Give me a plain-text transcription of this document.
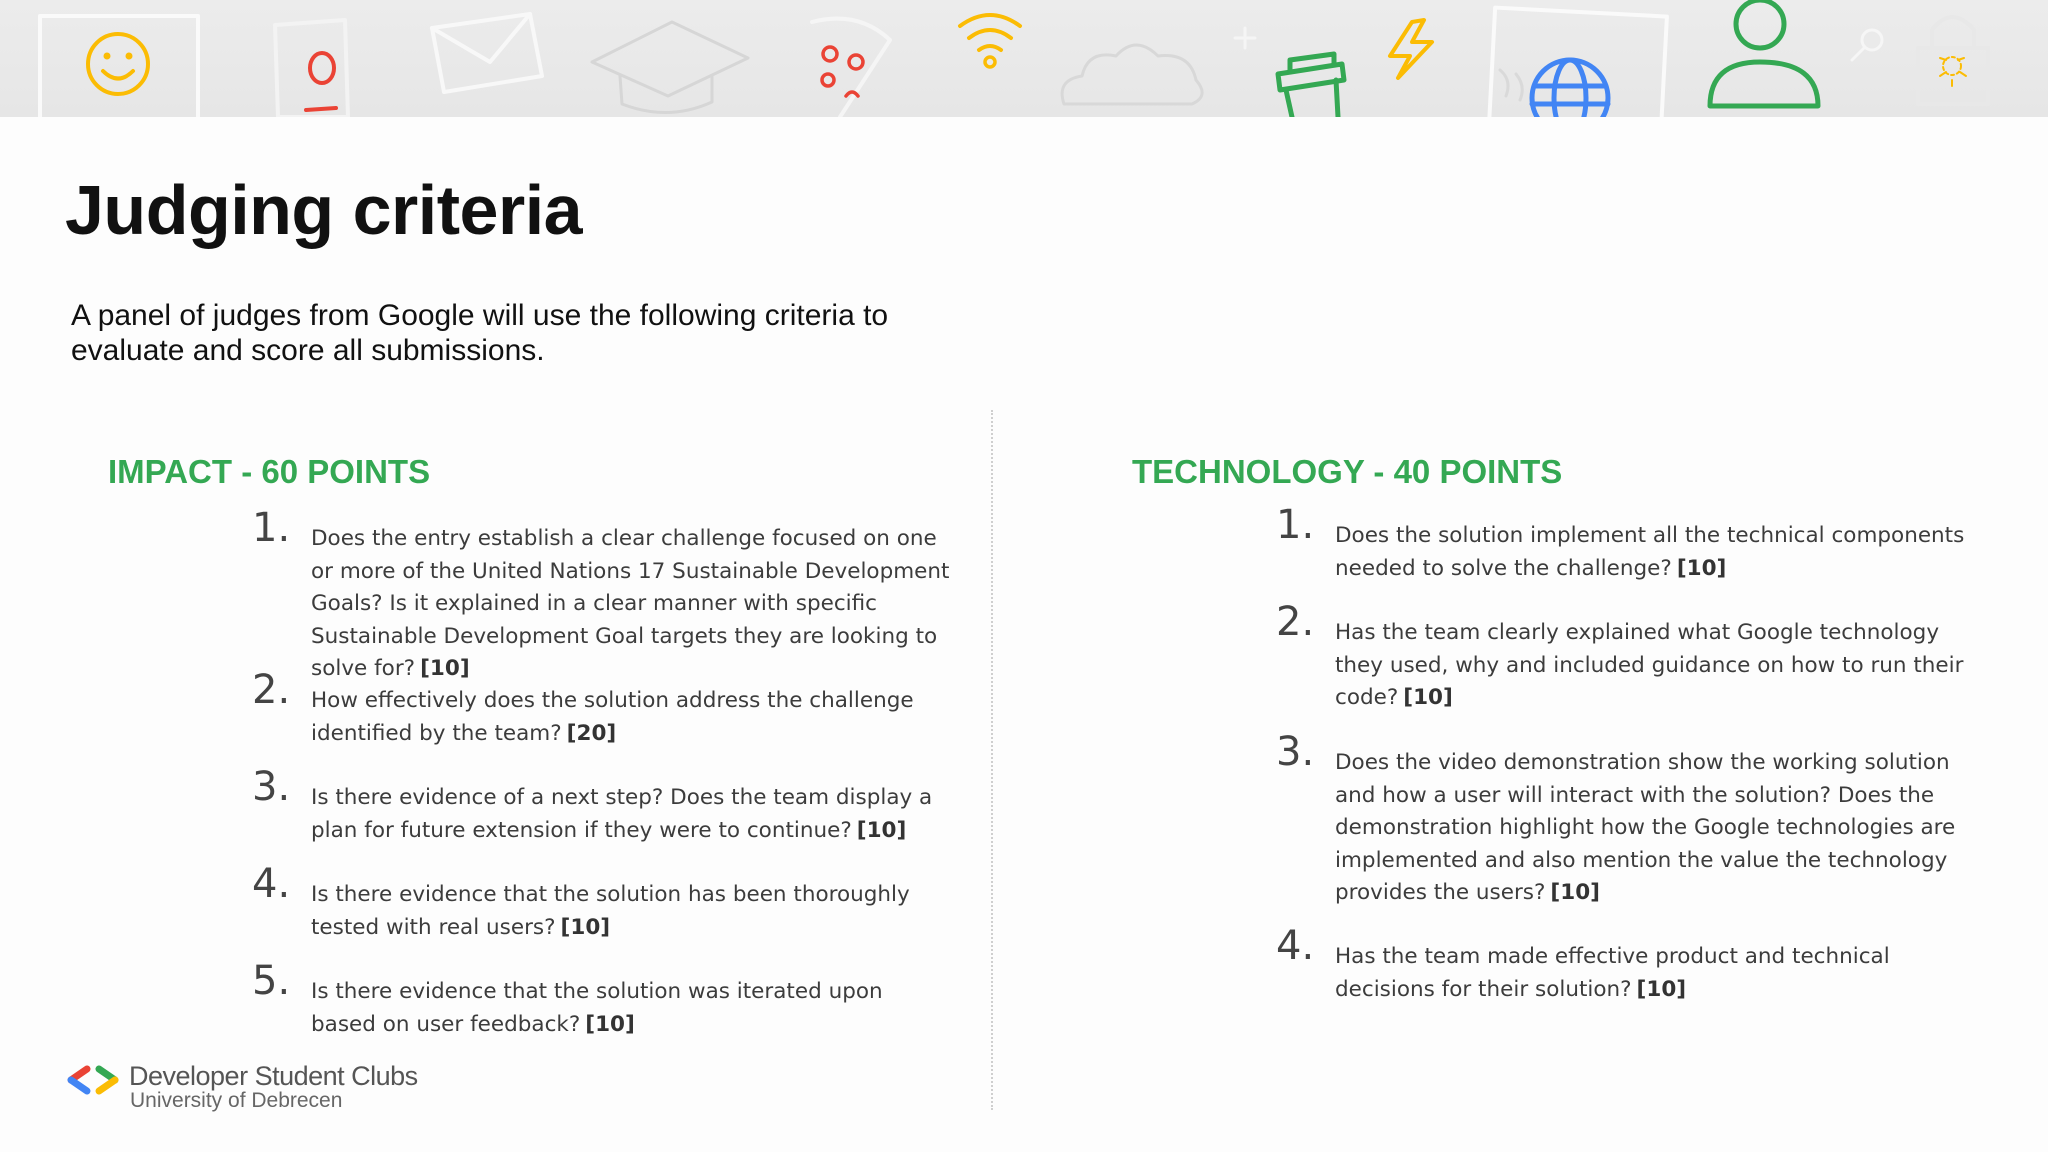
Judging criteria
A panel of judges from Google will use the following criteria to evaluate and score all submissions.
IMPACT - 60 POINTS
1. Does the entry establish a clear challenge focused on one or more of the United Nations 17 Sustainable Development Goals? Is it explained in a clear manner with specific Sustainable Development Goal targets they are looking to solve for? [10]
2. How effectively does the solution address the challenge identified by the team? [20]
3. Is there evidence of a next step? Does the team display a plan for future extension if they were to continue? [10]
4. Is there evidence that the solution has been thoroughly tested with real users? [10]
5. Is there evidence that the solution was iterated upon based on user feedback? [10]
TECHNOLOGY - 40 POINTS
1. Does the solution implement all the technical components needed to solve the challenge? [10]
2. Has the team clearly explained what Google technology they used, why and included guidance on how to run their code? [10]
3. Does the video demonstration show the working solution and how a user will interact with the solution? Does the demonstration highlight how the Google technologies are implemented and also mention the value the technology provides the users? [10]
4. Has the team made effective product and technical decisions for their solution? [10]
Developer Student Clubs
University of Debrecen
